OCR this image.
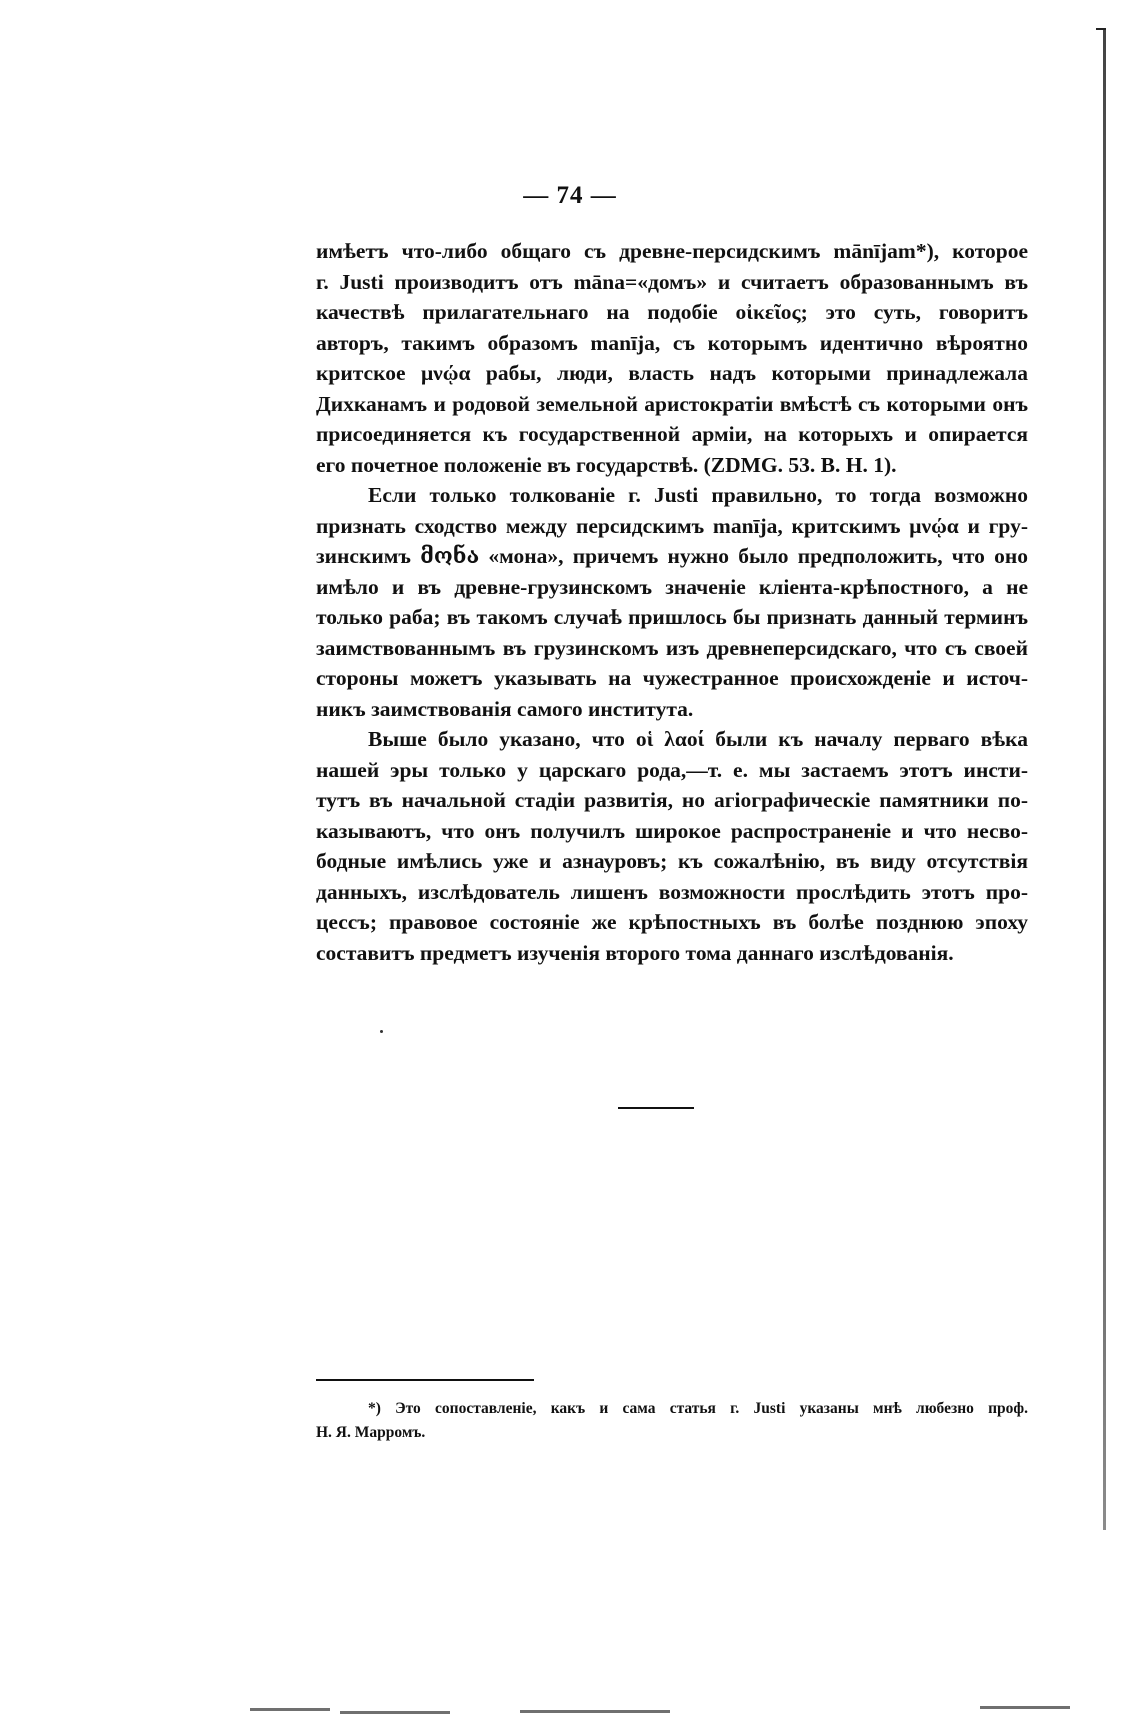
— 74 —

имѣетъ что-либо общаго съ древне-персидскимъ mānījam*), которое
г. Justi производитъ отъ māna=«домъ» и считаетъ образованнымъ въ
качествѣ прилагательнаго на подобіе οἰκεῖος; это суть, говоритъ
авторъ, такимъ образомъ manīja, съ которымъ идентично вѣроятно
критское μνῴα рабы, люди, власть надъ которыми принадлежала
Дихканамъ и родовой земельной аристократіи вмѣстѣ съ которыми онъ
присоединяется къ государственной арміи, на которыхъ и опирается
его почетное положеніе въ государствѣ. (ZDMG. 53. B. H. 1).

Если только толкованіе г. Justi правильно, то тогда возможно
признать сходство между персидскимъ manīja, критскимъ μνῴα и гру-
зинскимъ მონა «мона», причемъ нужно было предположить, что оно
имѣло и въ древне-грузинскомъ значеніе кліента-крѣпостного, а не
только раба; въ такомъ случаѣ пришлось бы признать данный терминъ
заимствованнымъ въ грузинскомъ изъ древнеперсидскаго, что съ своей
стороны можетъ указывать на чужестранное происхожденіе и источ-
никъ заимствованія самого института.

Выше было указано, что οἱ λαοί были къ началу перваго вѣка
нашей эры только у царскаго рода,—т. е. мы застаемъ этотъ инсти-
тутъ въ начальной стадіи развитія, но агіографическіе памятники по-
казываютъ, что онъ получилъ широкое распространеніе и что несво-
бодные имѣлись уже и азнауровъ; къ сожалѣнію, въ виду отсутствія
данныхъ, изслѣдователь лишенъ возможности прослѣдить этотъ про-
цессъ; правовое состояніе же крѣпостныхъ въ болѣе позднюю эпоху
составитъ предметъ изученія второго тома даннаго изслѣдованія.

*) Это сопоставленіе, какъ и сама статья г. Justi указаны мнѣ любезно проф.
Н. Я. Марромъ.
